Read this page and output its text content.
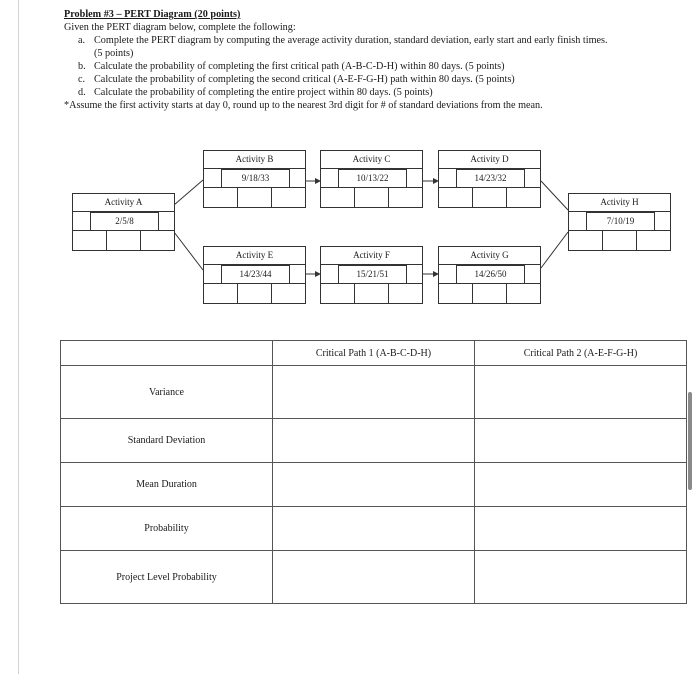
Problem #3 – PERT Diagram (20 points)
Given the PERT diagram below, complete the following:
a. Complete the PERT diagram by computing the average activity duration, standard deviation, early start and early finish times.
(5 points)
b. Calculate the probability of completing the first critical path (A-B-C-D-H) within 80 days. (5 points)
c. Calculate the probability of completing the second critical (A-E-F-G-H) path within 80 days. (5 points)
d. Calculate the probability of completing the entire project within 80 days. (5 points)
*Assume the first activity starts at day 0, round up to the nearest 3rd digit for # of standard deviations from the mean.
Activity A
2/5/8
Activity B
9/18/33
Activity C
10/13/22
Activity D
14/23/32
Activity H
7/10/19
Activity E
14/23/44
Activity F
15/21/51
Activity G
14/26/50
	Critical Path 1 (A-B-C-D-H)	Critical Path 2 (A-E-F-G-H)
Variance		
Standard Deviation		
Mean Duration		
Probability		
Project Level Probability		
